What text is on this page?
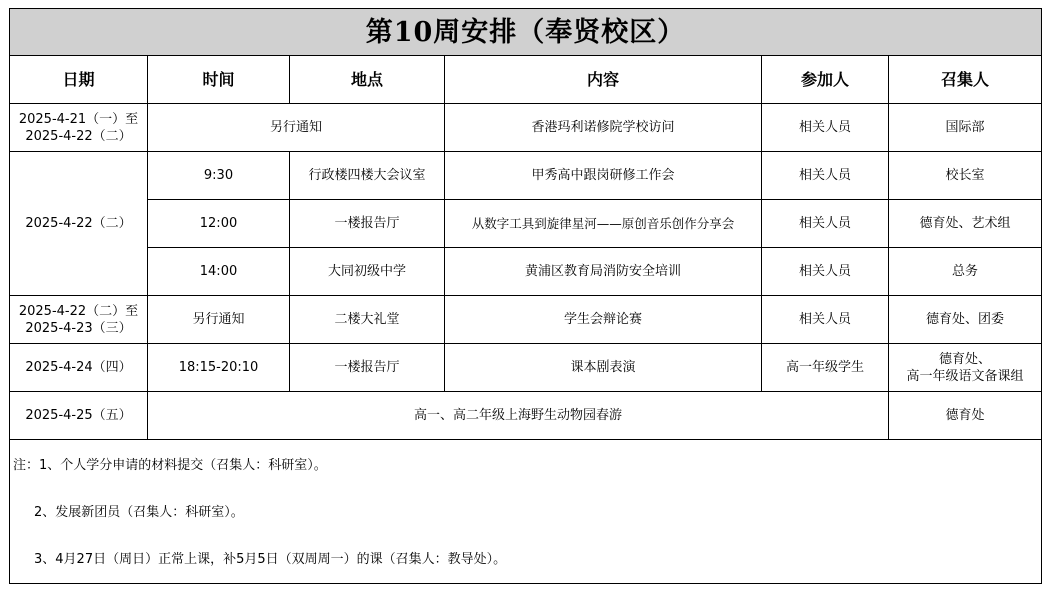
第10周安排（奉贤校区）					
日期	时间	地点	内容	参加人	召集人

2025-4-21（一）至
2025-4-22（二）	另行通知		香港玛利诺修院学校访问	相关人员	国际部
2025-4-22（二）	9:30	行政楼四楼大会议室	甲秀高中跟岗研修工作会	相关人员	校长室
	12:00	一楼报告厅	从数字工具到旋律星河——原创音乐创作分享会	相关人员	德育处、艺术组
	14:00	大同初级中学	黄浦区教育局消防安全培训	相关人员	总务

2025-4-22（二）至
2025-4-23（三）	另行通知	二楼大礼堂	学生会辩论赛	相关人员	德育处、团委
2025-4-24（四）	18:15-20:10	一楼报告厅	课本剧表演	高一年级学生	德育处、
高一年级语文备课组

2025-4-25（五）	高一、高二年级上海野生动物园春游				德育处

注：1、个人学分申请的材料提交（召集人：科研室）。
2、发展新团员（召集人：科研室）。
3、4月27日（周日）正常上课，补5月5日（双周周一）的课（召集人：教导处）。					
